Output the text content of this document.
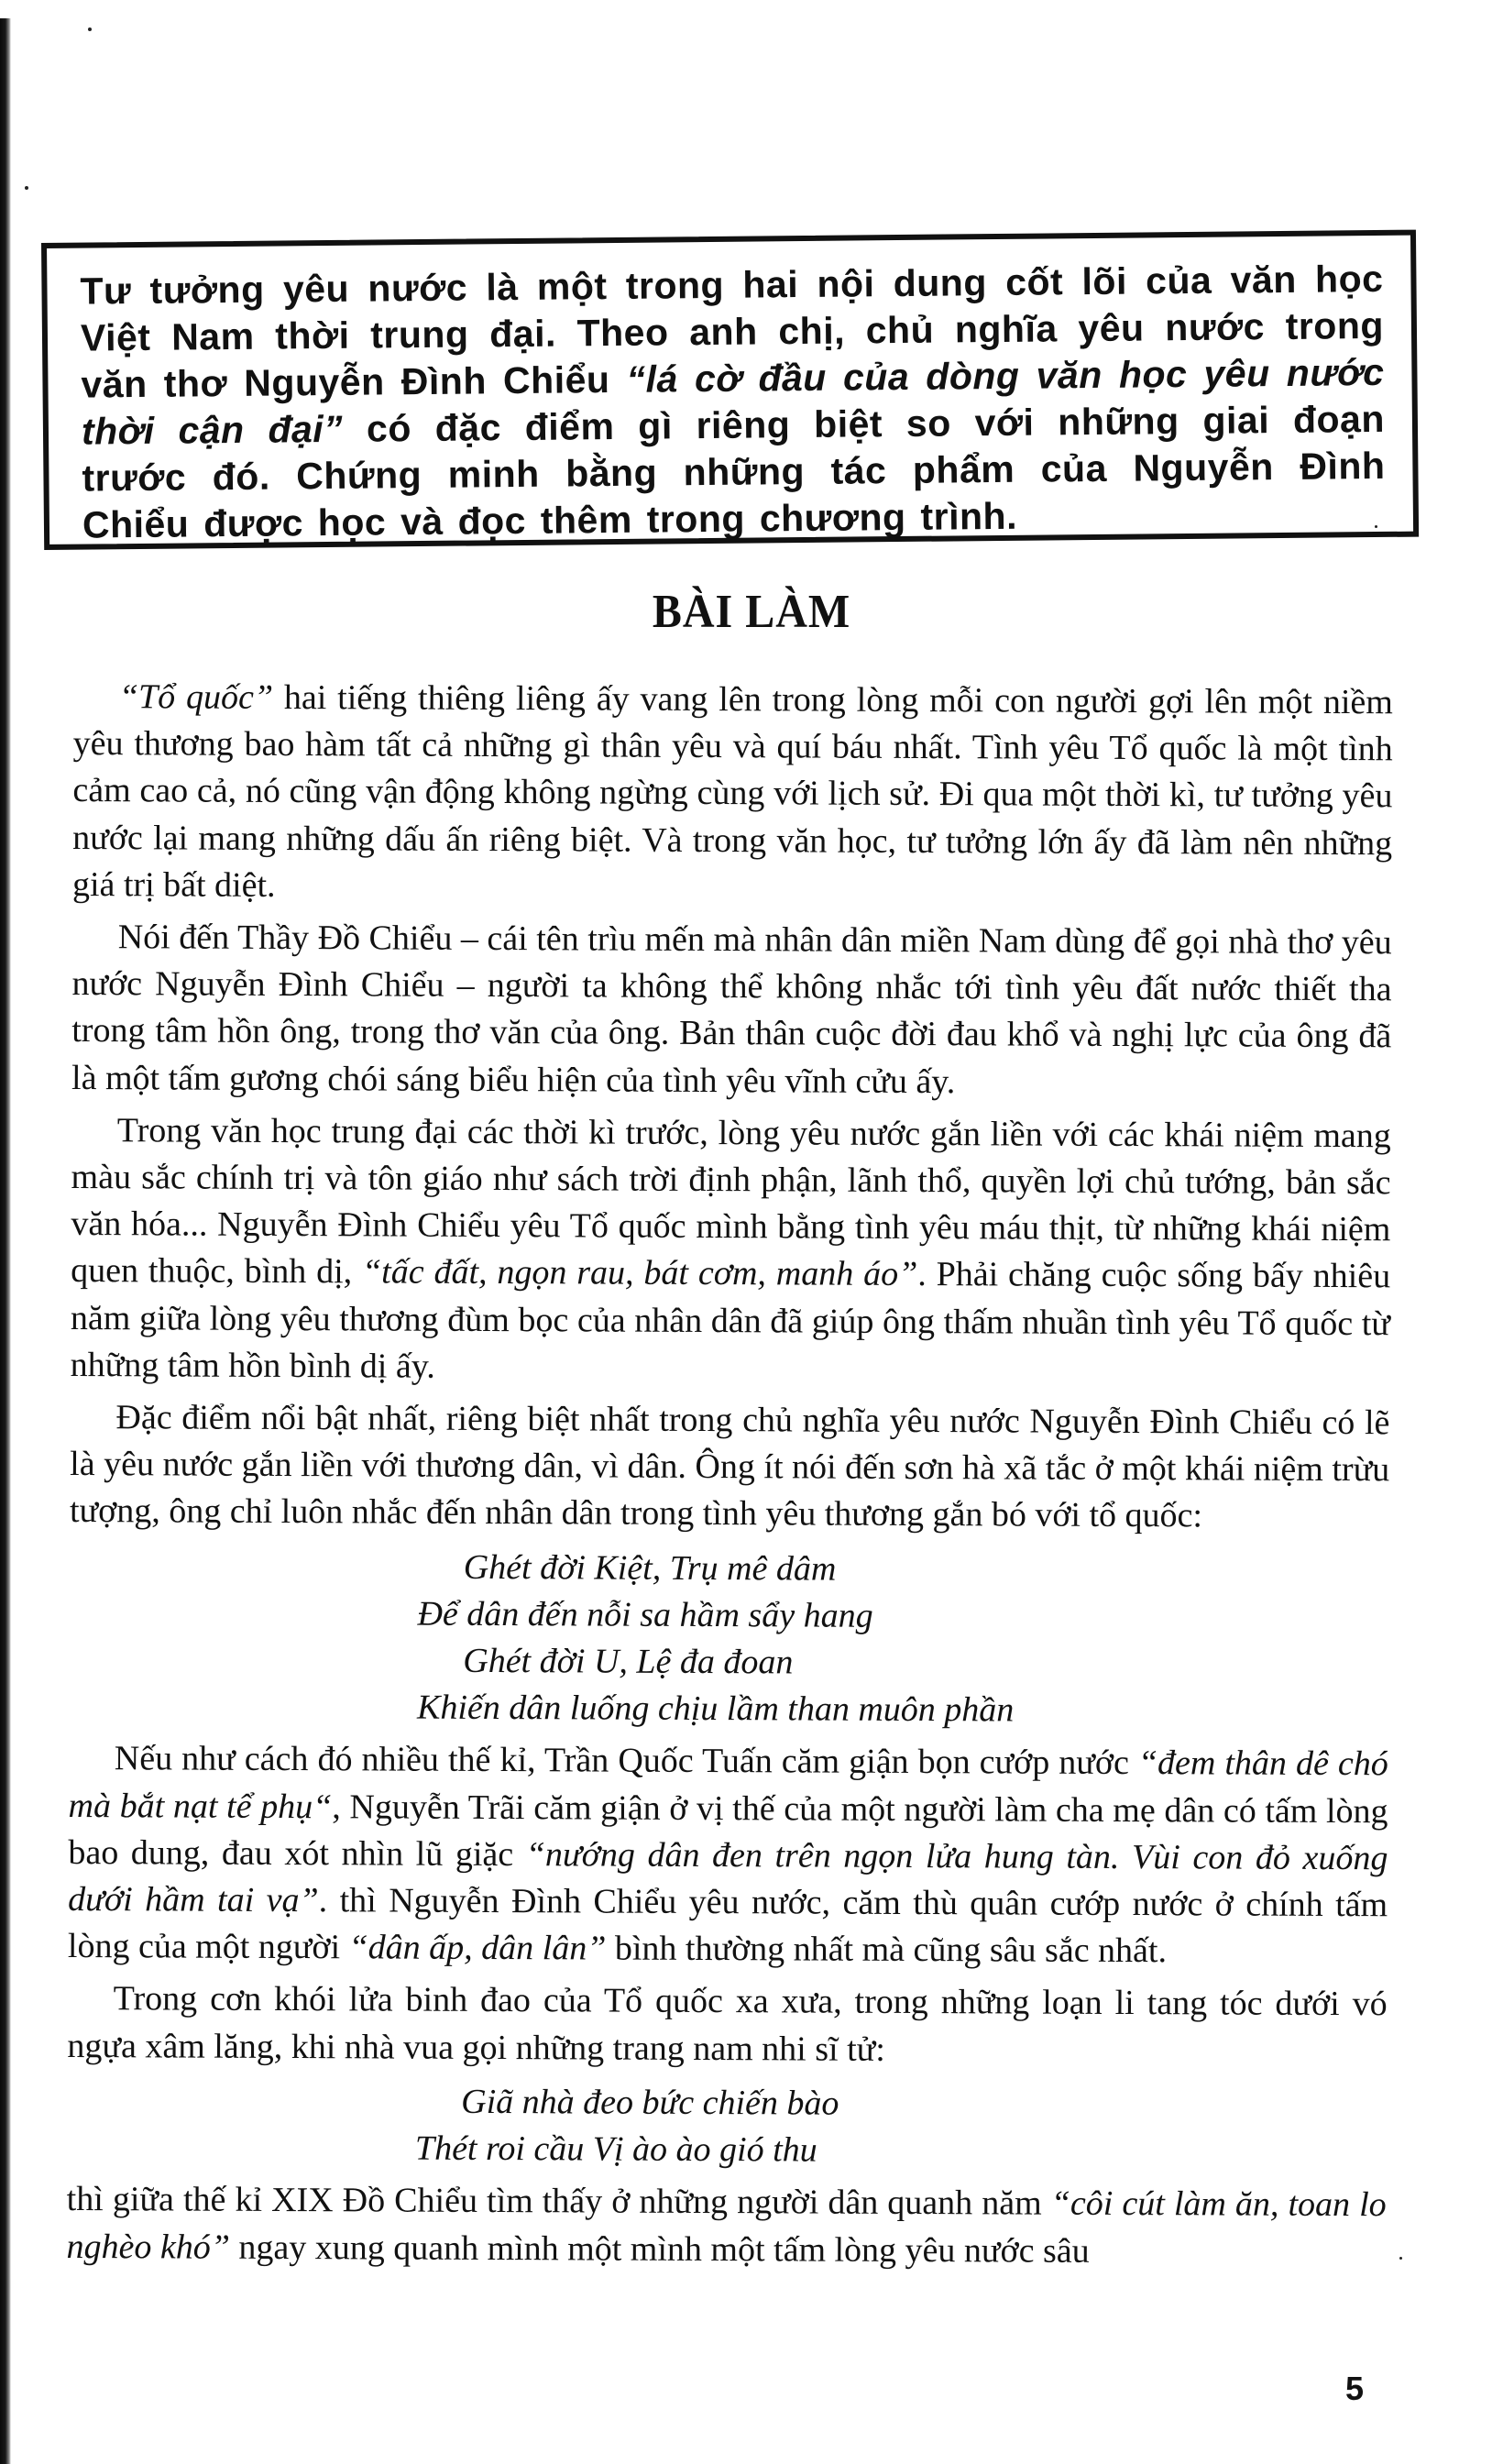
Tư tưởng yêu nước là một trong hai nội dung cốt lõi của văn học Việt Nam thời trung đại. Theo anh chị, chủ nghĩa yêu nước trong văn thơ Nguyễn Đình Chiểu “lá cờ đầu của dòng văn học yêu nước thời cận đại” có đặc điểm gì riêng biệt so với những giai đoạn trước đó. Chứng minh bằng những tác phẩm của Nguyễn Đình Chiểu được học và đọc thêm trong chương trình.
BÀI LÀM

“Tổ quốc” hai tiếng thiêng liêng ấy vang lên trong lòng mỗi con người gợi lên một niềm yêu thương bao hàm tất cả những gì thân yêu và quí báu nhất. Tình yêu Tổ quốc là một tình cảm cao cả, nó cũng vận động không ngừng cùng với lịch sử. Đi qua một thời kì, tư tưởng yêu nước lại mang những dấu ấn riêng biệt. Và trong văn học, tư tưởng lớn ấy đã làm nên những giá trị bất diệt.

Nói đến Thầy Đồ Chiểu – cái tên trìu mến mà nhân dân miền Nam dùng để gọi nhà thơ yêu nước Nguyễn Đình Chiểu – người ta không thể không nhắc tới tình yêu đất nước thiết tha trong tâm hồn ông, trong thơ văn của ông. Bản thân cuộc đời đau khổ và nghị lực của ông đã là một tấm gương chói sáng biểu hiện của tình yêu vĩnh cửu ấy.

Trong văn học trung đại các thời kì trước, lòng yêu nước gắn liền với các khái niệm mang màu sắc chính trị và tôn giáo như sách trời định phận, lãnh thổ, quyền lợi chủ tướng, bản sắc văn hóa... Nguyễn Đình Chiểu yêu Tổ quốc mình bằng tình yêu máu thịt, từ những khái niệm quen thuộc, bình dị, “tấc đất, ngọn rau, bát cơm, manh áo”. Phải chăng cuộc sống bấy nhiêu năm giữa lòng yêu thương đùm bọc của nhân dân đã giúp ông thấm nhuần tình yêu Tổ quốc từ những tâm hồn bình dị ấy.

Đặc điểm nổi bật nhất, riêng biệt nhất trong chủ nghĩa yêu nước Nguyễn Đình Chiểu có lẽ là yêu nước gắn liền với thương dân, vì dân. Ông ít nói đến sơn hà xã tắc ở một khái niệm trừu tượng, ông chỉ luôn nhắc đến nhân dân trong tình yêu thương gắn bó với tổ quốc:

Ghét đời Kiệt, Trụ mê dâm
Để dân đến nỗi sa hầm sẩy hang
Ghét đời U, Lệ đa đoan
Khiến dân luống chịu lầm than muôn phần

Nếu như cách đó nhiều thế kỉ, Trần Quốc Tuấn căm giận bọn cướp nước “đem thân dê chó mà bắt nạt tể phụ“, Nguyễn Trãi căm giận ở vị thế của một người làm cha mẹ dân có tấm lòng bao dung, đau xót nhìn lũ giặc “nướng dân đen trên ngọn lửa hung tàn. Vùi con đỏ xuống dưới hầm tai vạ”. thì Nguyễn Đình Chiểu yêu nước, căm thù quân cướp nước ở chính tấm lòng của một người “dân ấp, dân lân” bình thường nhất mà cũng sâu sắc nhất.

Trong cơn khói lửa binh đao của Tổ quốc xa xưa, trong những loạn li tang tóc dưới vó ngựa xâm lăng, khi nhà vua gọi những trang nam nhi sĩ tử:

Giã nhà đeo bức chiến bào
Thét roi cầu Vị ào ào gió thu

thì giữa thế kỉ XIX Đồ Chiểu tìm thấy ở những người dân quanh năm “côi cút làm ăn, toan lo nghèo khó” ngay xung quanh mình một mình một tấm lòng yêu nước sâu

5
